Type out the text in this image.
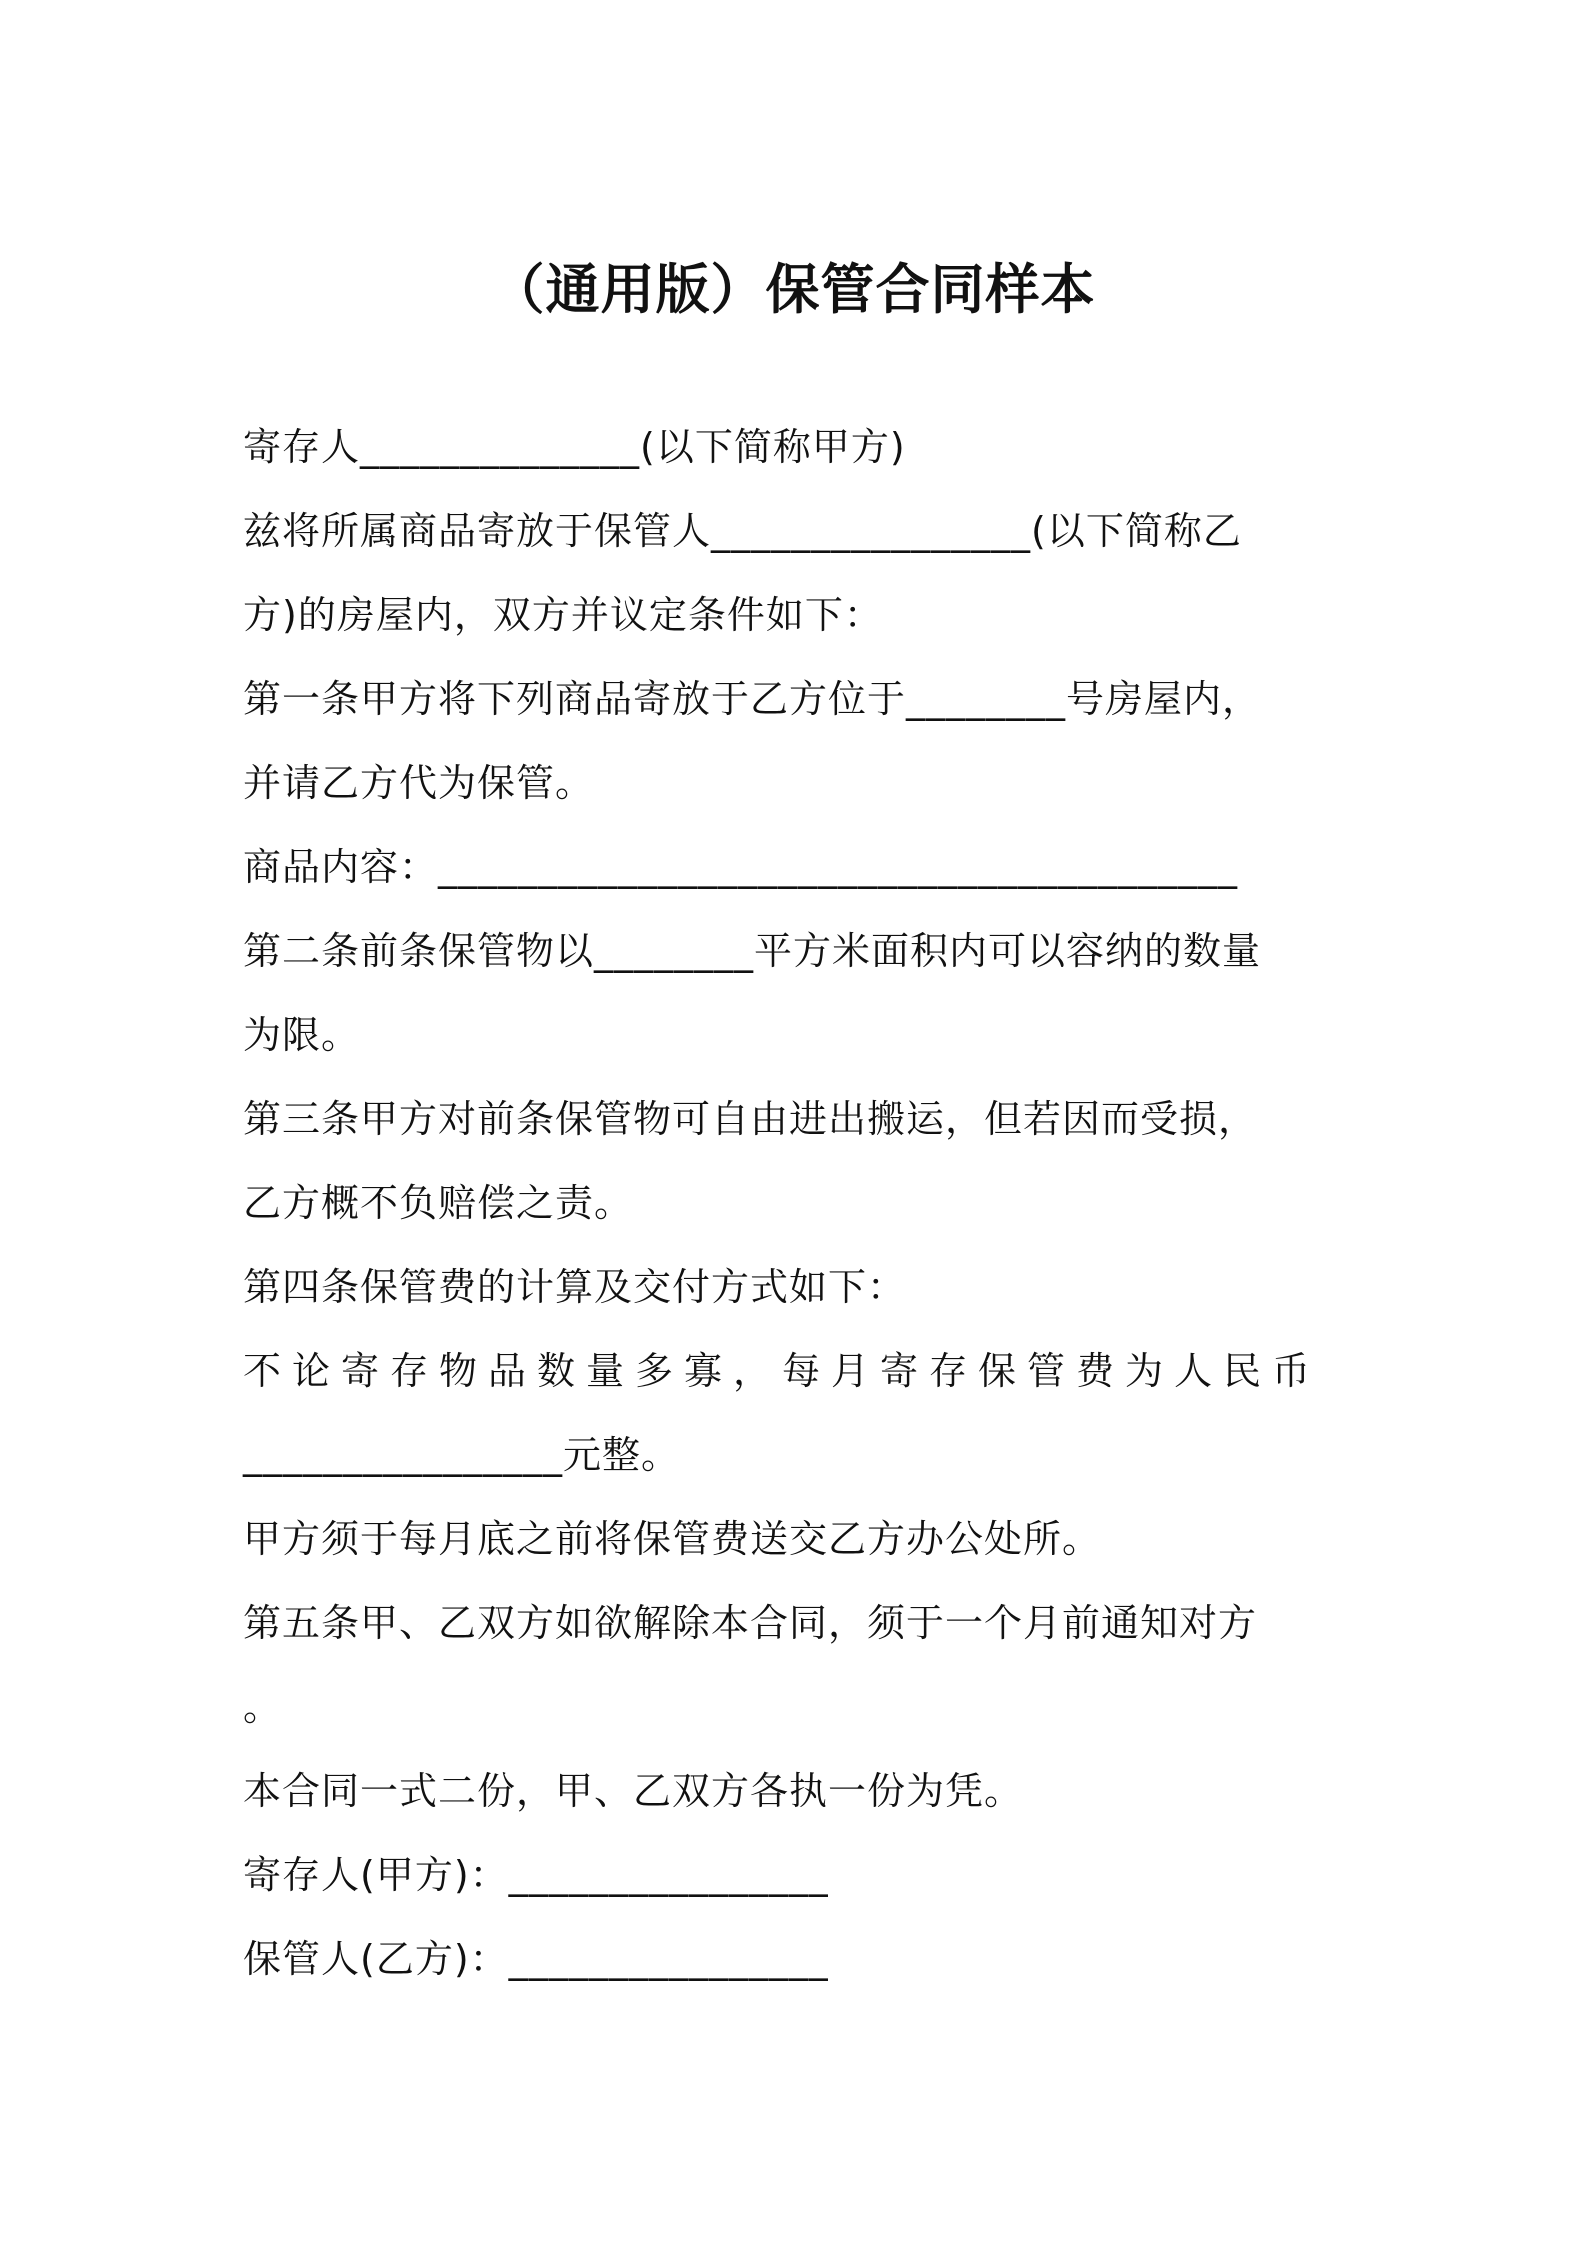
（通用版）保管合同样本
寄存人______________(以下简称甲方)
兹将所属商品寄放于保管人________________(以下简称乙
方)的房屋内，双方并议定条件如下：
第一条甲方将下列商品寄放于乙方位于________号房屋内，
并请乙方代为保管。
商品内容：________________________________________
第二条前条保管物以________平方米面积内可以容纳的数量
为限。
第三条甲方对前条保管物可自由进出搬运，但若因而受损，
乙方概不负赔偿之责。
第四条保管费的计算及交付方式如下：
不论寄存物品数量多寡，每月寄存保管费为人民币
________________元整。
甲方须于每月底之前将保管费送交乙方办公处所。
第五条甲、乙双方如欲解除本合同，须于一个月前通知对方
。
本合同一式二份，甲、乙双方各执一份为凭。
寄存人(甲方)：________________
保管人(乙方)：________________
